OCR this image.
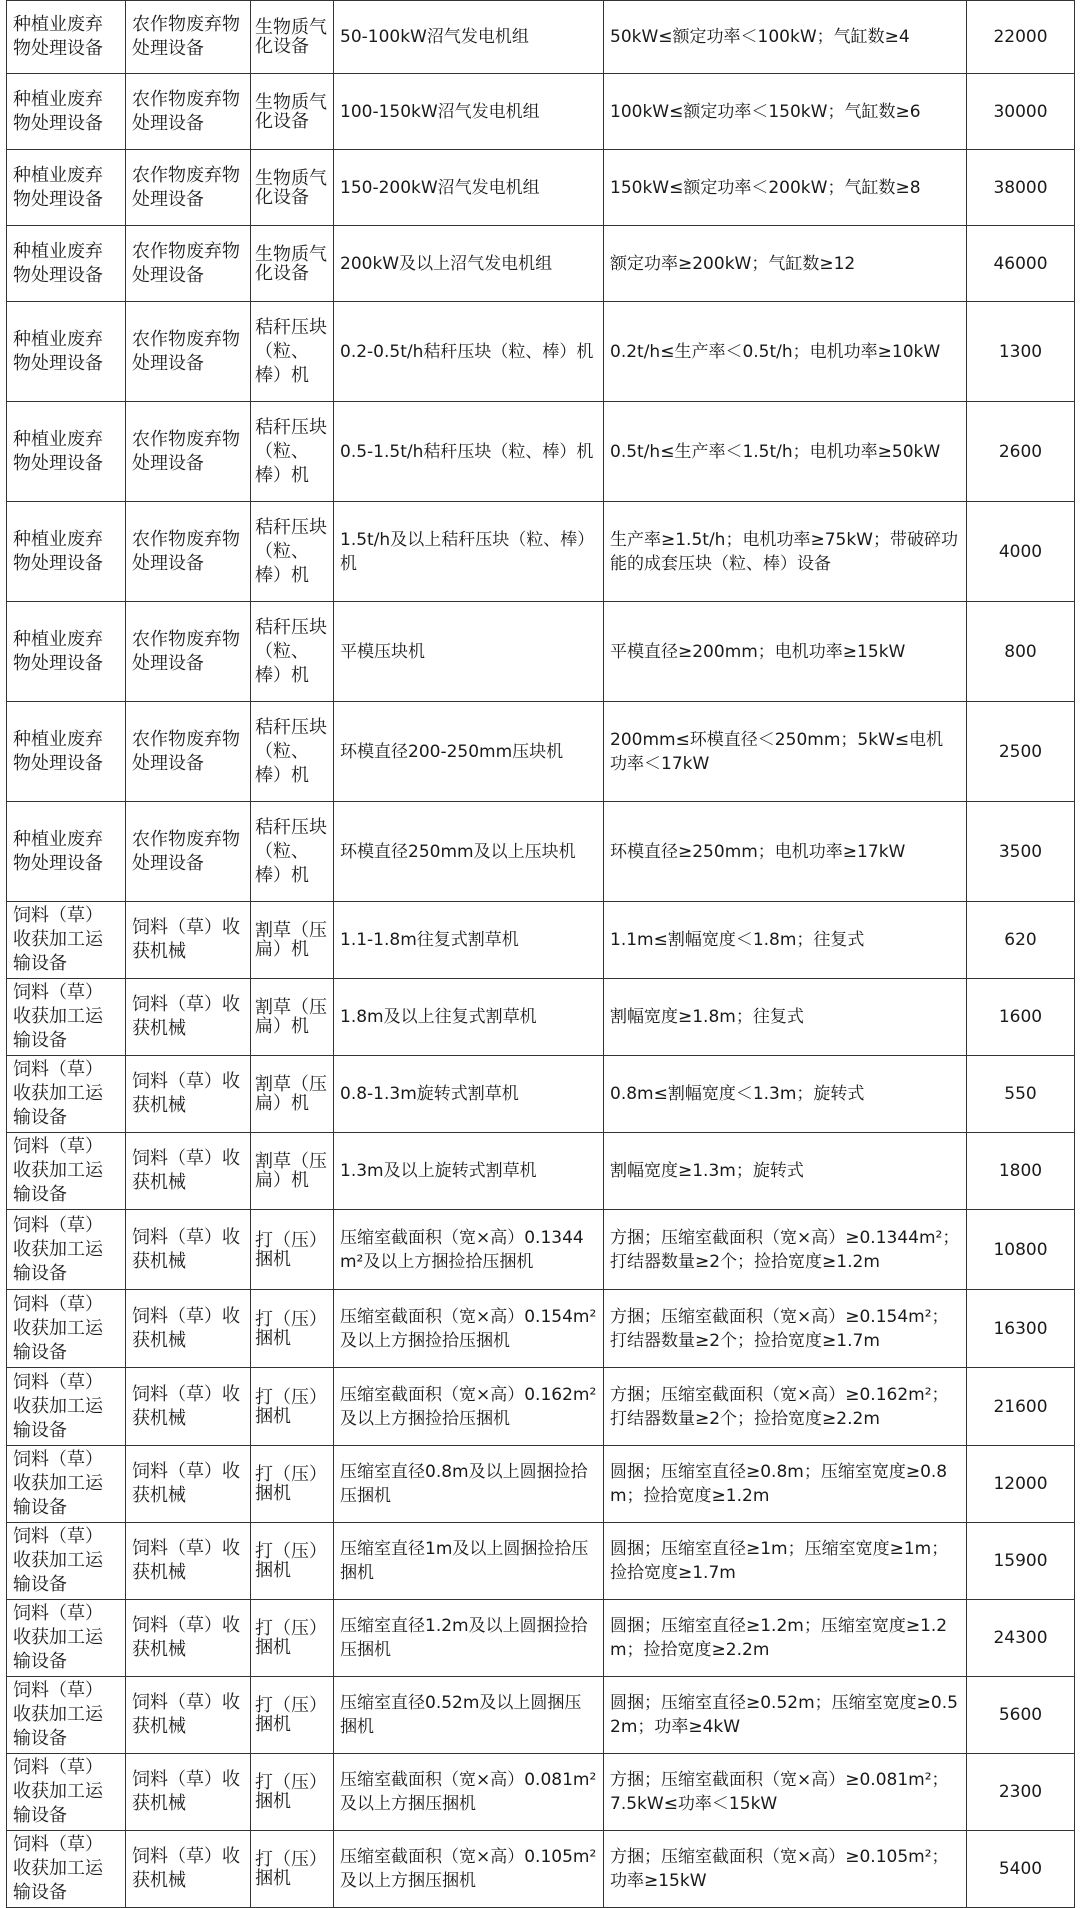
种植业废弃物处理设备	农作物废弃物处理设备	生物质气化设备	50-100kW沼气发电机组	50kW≤额定功率＜100kW；气缸数≥4	22000
种植业废弃物处理设备	农作物废弃物处理设备	生物质气化设备	100-150kW沼气发电机组	100kW≤额定功率＜150kW；气缸数≥6	30000
种植业废弃物处理设备	农作物废弃物处理设备	生物质气化设备	150-200kW沼气发电机组	150kW≤额定功率＜200kW；气缸数≥8	38000
种植业废弃物处理设备	农作物废弃物处理设备	生物质气化设备	200kW及以上沼气发电机组	额定功率≥200kW；气缸数≥12	46000
种植业废弃物处理设备	农作物废弃物处理设备	秸秆压块（粒、棒）机	0.2-0.5t/h秸秆压块（粒、棒）机	0.2t/h≤生产率＜0.5t/h；电机功率≥10kW	1300
种植业废弃物处理设备	农作物废弃物处理设备	秸秆压块（粒、棒）机	0.5-1.5t/h秸秆压块（粒、棒）机	0.5t/h≤生产率＜1.5t/h；电机功率≥50kW	2600
种植业废弃物处理设备	农作物废弃物处理设备	秸秆压块（粒、棒）机	1.5t/h及以上秸秆压块（粒、棒）机	生产率≥1.5t/h；电机功率≥75kW；带破碎功能的成套压块（粒、棒）设备	4000
种植业废弃物处理设备	农作物废弃物处理设备	秸秆压块（粒、棒）机	平模压块机	平模直径≥200mm；电机功率≥15kW	800
种植业废弃物处理设备	农作物废弃物处理设备	秸秆压块（粒、棒）机	环模直径200-250mm压块机	200mm≤环模直径＜250mm；5kW≤电机功率＜17kW	2500
种植业废弃物处理设备	农作物废弃物处理设备	秸秆压块（粒、棒）机	环模直径250mm及以上压块机	环模直径≥250mm；电机功率≥17kW	3500
饲料（草）收获加工运输设备	饲料（草）收获机械	割草（压扁）机	1.1-1.8m往复式割草机	1.1m≤割幅宽度＜1.8m；往复式	620
饲料（草）收获加工运输设备	饲料（草）收获机械	割草（压扁）机	1.8m及以上往复式割草机	割幅宽度≥1.8m；往复式	1600
饲料（草）收获加工运输设备	饲料（草）收获机械	割草（压扁）机	0.8-1.3m旋转式割草机	0.8m≤割幅宽度＜1.3m；旋转式	550
饲料（草）收获加工运输设备	饲料（草）收获机械	割草（压扁）机	1.3m及以上旋转式割草机	割幅宽度≥1.3m；旋转式	1800
饲料（草）收获加工运输设备	饲料（草）收获机械	打（压）捆机	压缩室截面积（宽×高）0.1344m²及以上方捆捡拾压捆机	方捆；压缩室截面积（宽×高）≥0.1344m²；打结器数量≥2个；捡拾宽度≥1.2m	10800
饲料（草）收获加工运输设备	饲料（草）收获机械	打（压）捆机	压缩室截面积（宽×高）0.154m²及以上方捆捡拾压捆机	方捆；压缩室截面积（宽×高）≥0.154m²；打结器数量≥2个；捡拾宽度≥1.7m	16300
饲料（草）收获加工运输设备	饲料（草）收获机械	打（压）捆机	压缩室截面积（宽×高）0.162m²及以上方捆捡拾压捆机	方捆；压缩室截面积（宽×高）≥0.162m²；打结器数量≥2个；捡拾宽度≥2.2m	21600
饲料（草）收获加工运输设备	饲料（草）收获机械	打（压）捆机	压缩室直径0.8m及以上圆捆捡拾压捆机	圆捆；压缩室直径≥0.8m；压缩室宽度≥0.8m；捡拾宽度≥1.2m	12000
饲料（草）收获加工运输设备	饲料（草）收获机械	打（压）捆机	压缩室直径1m及以上圆捆捡拾压捆机	圆捆；压缩室直径≥1m；压缩室宽度≥1m；捡拾宽度≥1.7m	15900
饲料（草）收获加工运输设备	饲料（草）收获机械	打（压）捆机	压缩室直径1.2m及以上圆捆捡拾压捆机	圆捆；压缩室直径≥1.2m；压缩室宽度≥1.2m；捡拾宽度≥2.2m	24300
饲料（草）收获加工运输设备	饲料（草）收获机械	打（压）捆机	压缩室直径0.52m及以上圆捆压捆机	圆捆；压缩室直径≥0.52m；压缩室宽度≥0.52m；功率≥4kW	5600
饲料（草）收获加工运输设备	饲料（草）收获机械	打（压）捆机	压缩室截面积（宽×高）0.081m²及以上方捆压捆机	方捆；压缩室截面积（宽×高）≥0.081m²；7.5kW≤功率＜15kW	2300
饲料（草）收获加工运输设备	饲料（草）收获机械	打（压）捆机	压缩室截面积（宽×高）0.105m²及以上方捆压捆机	方捆；压缩室截面积（宽×高）≥0.105m²；功率≥15kW	5400
